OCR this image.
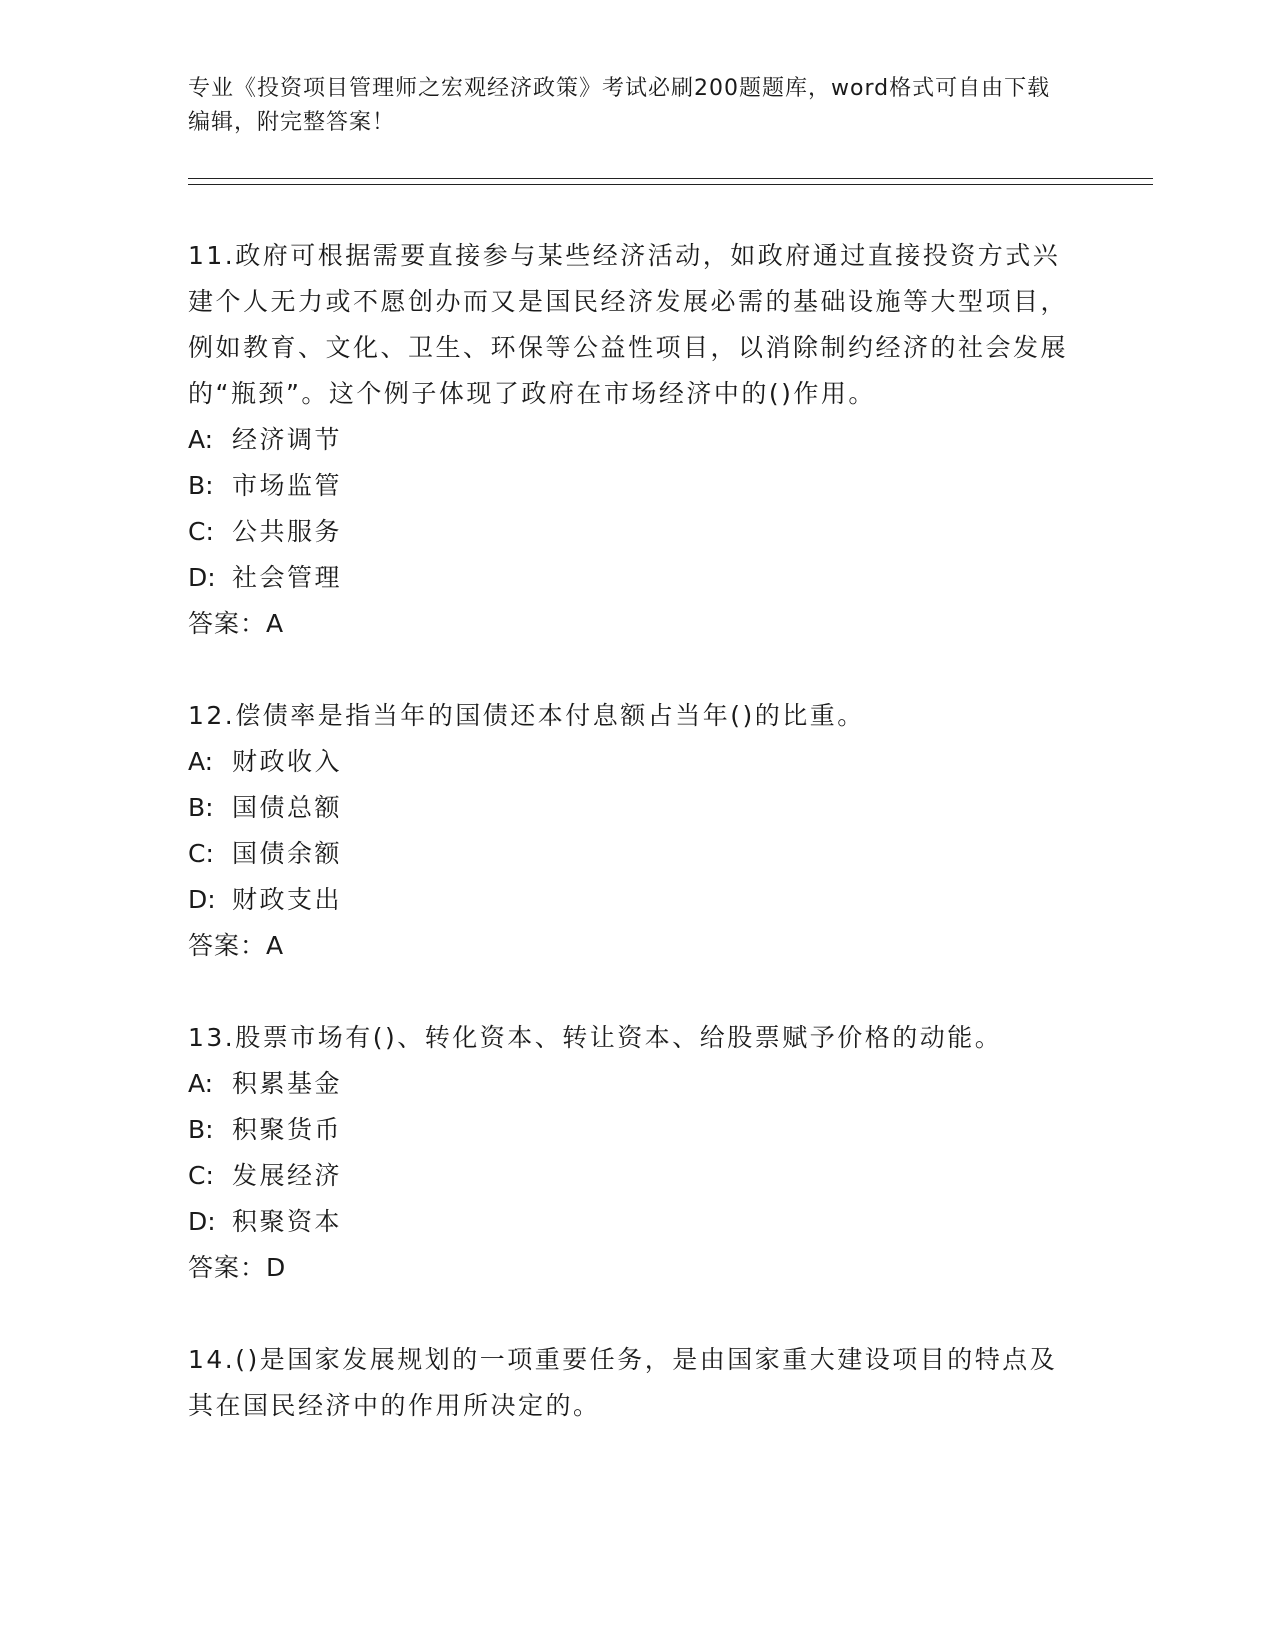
专业《投资项目管理师之宏观经济政策》考试必刷200题题库，word格式可自由下载编辑，附完整答案！
11.政府可根据需要直接参与某些经济活动，如政府通过直接投资方式兴建个人无力或不愿创办而又是国民经济发展必需的基础设施等大型项目，例如教育、文化、卫生、环保等公益性项目，以消除制约经济的社会发展的“瓶颈”。这个例子体现了政府在市场经济中的()作用。
A: 经济调节
B: 市场监管
C: 公共服务
D: 社会管理
答案：A
12.偿债率是指当年的国债还本付息额占当年()的比重。
A: 财政收入
B: 国债总额
C: 国债余额
D: 财政支出
答案：A
13.股票市场有()、转化资本、转让资本、给股票赋予价格的动能。
A: 积累基金
B: 积聚货币
C: 发展经济
D: 积聚资本
答案：D
14.()是国家发展规划的一项重要任务，是由国家重大建设项目的特点及其在国民经济中的作用所决定的。
